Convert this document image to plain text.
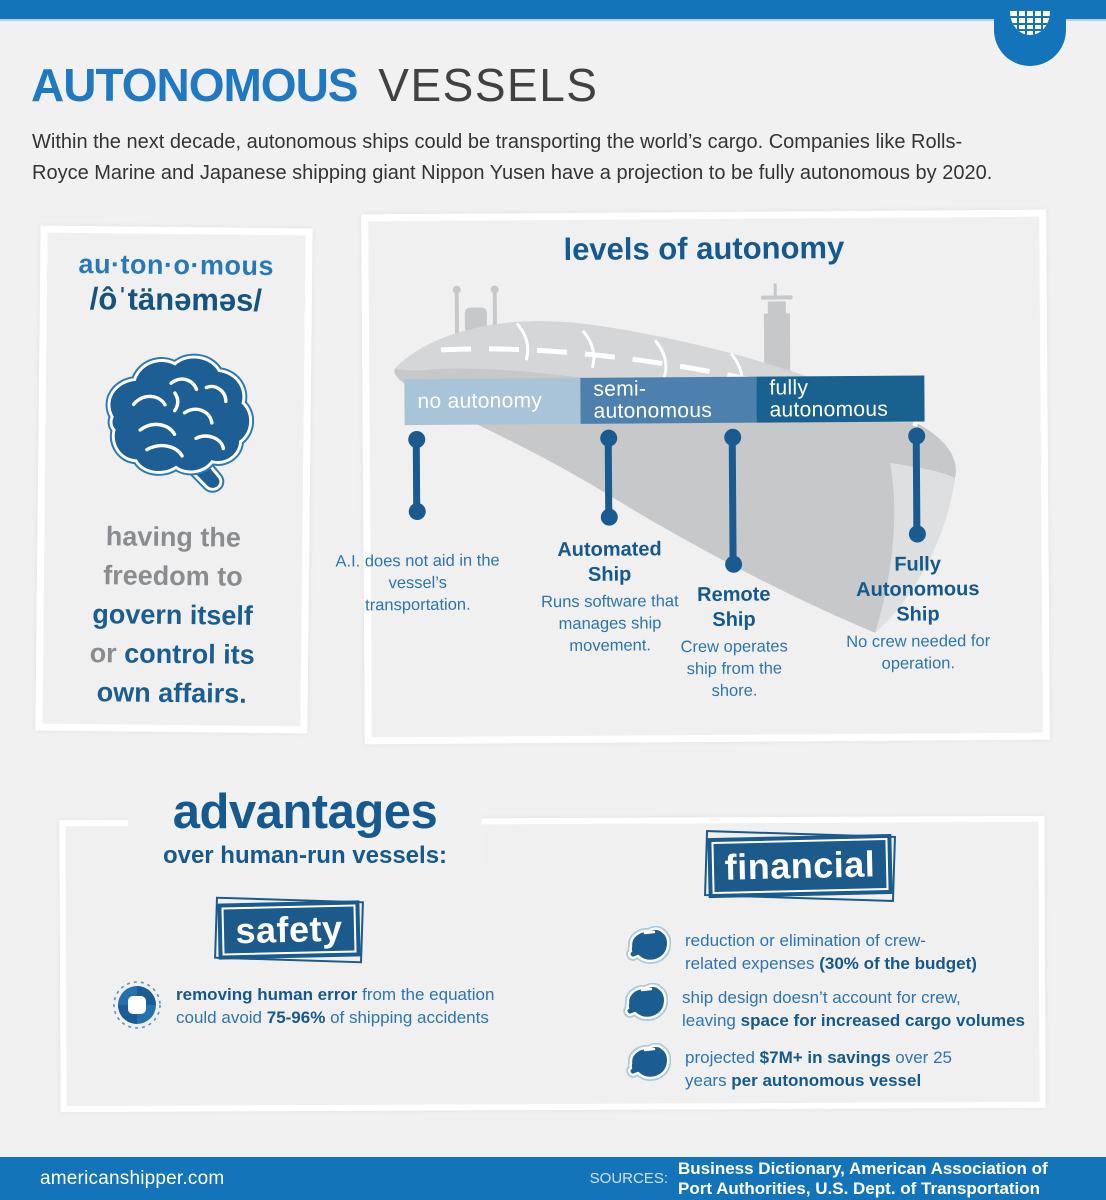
AUTONOMOUS VESSELS
Within the next decade, autonomous ships could be transporting the world’s cargo. Companies like Rolls-
Royce Marine and Japanese shipping giant Nippon Yusen have a projection to be fully autonomous by 2020.
au·ton·o·mous
/ôˈtänəməs/
having the
freedom to
govern itself
or control its
own affairs.
levels of autonomy
no autonomy
semi-
autonomous
fully
autonomous
A.I. does not aid in the vessel’s transportation.
Automated Ship
Runs software that manages ship movement.
Remote Ship
Crew operates ship from the shore.
Fully Autonomous Ship
No crew needed for operation.
advantages
over human-run vessels:
safety
removing human error from the equation
could avoid 75-96% of shipping accidents
financial
reduction or elimination of crew-
related expenses (30% of the budget)
ship design doesn’t account for crew,
leaving space for increased cargo volumes
projected $7M+ in savings over 25
years per autonomous vessel
americanshipper.com	SOURCES:
Business Dictionary, American Association of Port Authorities, U.S. Dept. of Transportation
